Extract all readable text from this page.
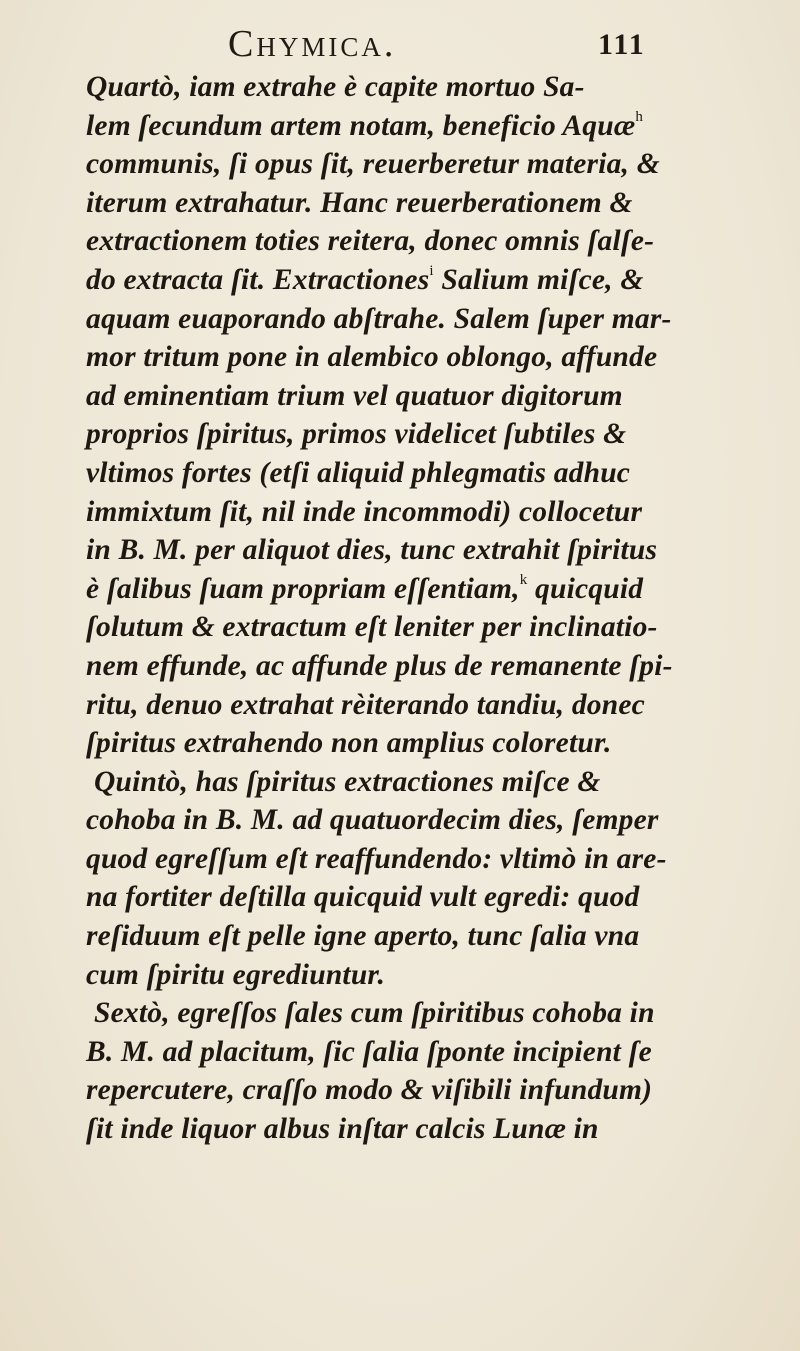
Chymica.	111
Quartò, iam extrahe è capite mortuo Sa-
lem ſecundum artem notam, beneficio Aquæ$^h$
communis, ſi opus ſit, reuerberetur materia, &
iterum extrahatur. Hanc reuerberationem &
extractionem toties reitera, donec omnis ſalſe-
do extracta ſit. Extractiones$^i$ Salium miſce, &
aquam euaporando abſtrahe. Salem ſuper mar-
mor tritum pone in alembico oblongo, affunde
ad eminentiam trium vel quatuor digitorum
proprios ſpiritus, primos videlicet ſubtiles &
vltimos fortes (etſi aliquid phlegmatis adhuc
immixtum ſit, nil inde incommodi) collocetur
in B. M. per aliquot dies, tunc extrahit ſpiritus
è ſalibus ſuam propriam eſſentiam,$^k$ quicquid
ſolutum & extractum eſt leniter per inclinatio-
nem effunde, ac affunde plus de remanente ſpi-
ritu, denuo extrahat rèiterando tandiu, donec
ſpiritus extrahendo non amplius coloretur.
Quintò, has ſpiritus extractiones miſce &
cohoba in B. M. ad quatuordecim dies, ſemper
quod egreſſum eſt reaffundendo: vltimò in are-
na fortiter deſtilla quicquid vult egredi: quod
reſiduum eſt pelle igne aperto, tunc ſalia vna
cum ſpiritu egrediuntur.
Sextò, egreſſos ſales cum ſpiritibus cohoba in
B. M. ad placitum, ſic ſalia ſponte incipient ſe
repercutere, craſſo modo & viſibili infundum)
ſit inde liquor albus inſtar calcis Lunæ in
